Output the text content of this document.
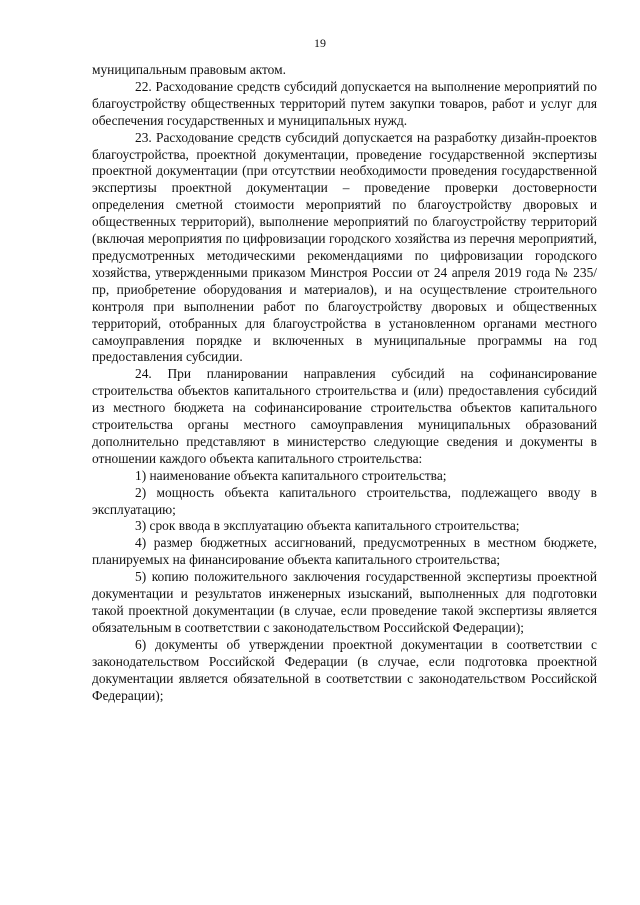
19

муниципальным правовым актом.

22. Расходование средств субсидий допускается на выполнение мероприятий по благоустройству общественных территорий путем закупки товаров, работ и услуг для обеспечения государственных и муниципальных нужд.

23. Расходование средств субсидий допускается на разработку дизайн-проектов благоустройства, проектной документации, проведение государственной экспертизы проектной документации (при отсутствии необходимости проведения государственной экспертизы проектной документации – проведение проверки достоверности определения сметной стоимости мероприятий по благоустройству дворовых и общественных территорий), выполнение мероприятий по благоустройству территорий (включая мероприятия по цифровизации городского хозяйства из перечня мероприятий, предусмотренных методическими рекомендациями по цифровизации городского хозяйства, утвержденными приказом Минстроя России от 24 апреля 2019 года № 235/пр, приобретение оборудования и материалов), и на осуществление строительного контроля при выполнении работ по благоустройству дворовых и общественных территорий, отобранных для благоустройства в установленном органами местного самоуправления порядке и включенных в муниципальные программы на год предоставления субсидии.

24. При планировании направления субсидий на софинансирование строительства объектов капитального строительства и (или) предоставления субсидий из местного бюджета на софинансирование строительства объектов капитального строительства органы местного самоуправления муниципальных образований дополнительно представляют в министерство следующие сведения и документы в отношении каждого объекта капитального строительства:

1) наименование объекта капитального строительства;

2) мощность объекта капитального строительства, подлежащего вводу в эксплуатацию;

3) срок ввода в эксплуатацию объекта капитального строительства;

4) размер бюджетных ассигнований, предусмотренных в местном бюджете, планируемых на финансирование объекта капитального строительства;

5) копию положительного заключения государственной экспертизы проектной документации и результатов инженерных изысканий, выполненных для подготовки такой проектной документации (в случае, если проведение такой экспертизы является обязательным в соответствии с законодательством Российской Федерации);

6) документы об утверждении проектной документации в соответствии с законодательством Российской Федерации (в случае, если подготовка проектной документации является обязательной в соответствии с законодательством Российской Федерации);
